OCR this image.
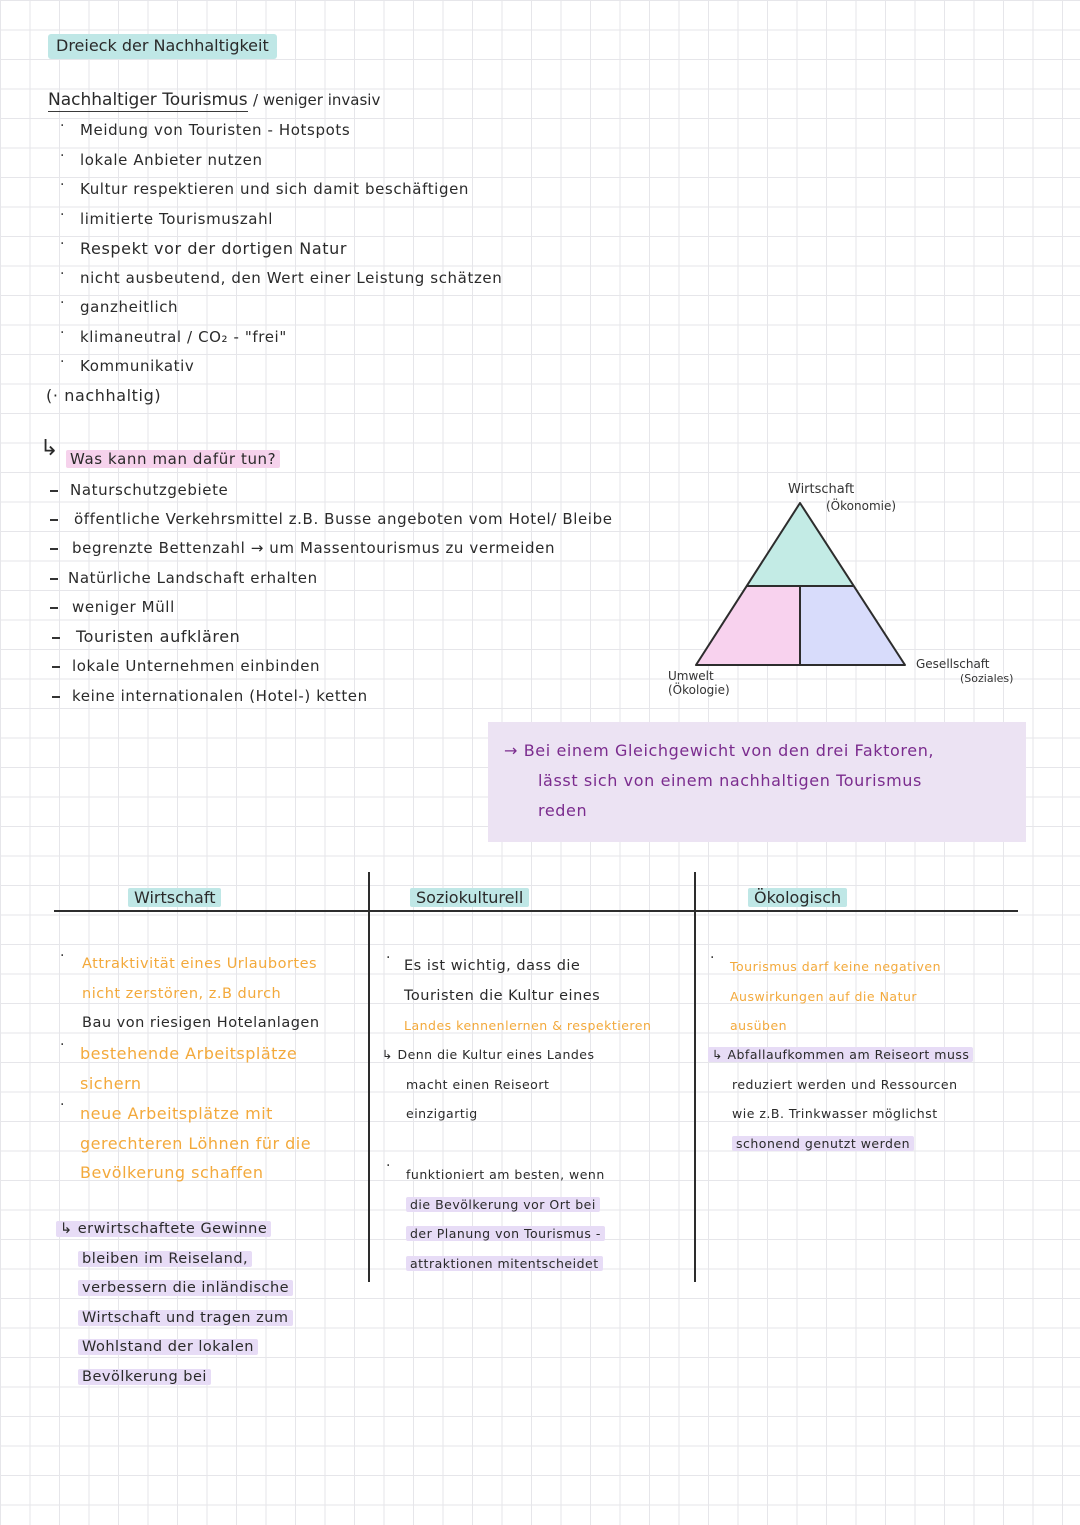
Dreieck der Nachhaltigkeit
Nachhaltiger Tourismus / weniger invasiv
· Meidung von Touristen - Hotspots
· lokale Anbieter nutzen
· Kultur respektieren und sich damit beschäftigen
· limitierte Tourismuszahl
· Respekt vor der dortigen Natur
· nicht ausbeutend, den Wert einer Leistung schätzen
· ganzheitlich
· klimaneutral / CO₂ - "frei"
· Kommunikativ
(· nachhaltig)
↳ Was kann man dafür tun?
Naturschutzgebiete
öffentliche Verkehrsmittel z.B. Busse angeboten vom Hotel/ Bleibe
begrenzte Bettenzahl → um Massentourismus zu vermeiden
Natürliche Landschaft erhalten
weniger Müll
Touristen aufklären
lokale Unternehmen einbinden
keine internationalen (Hotel-) ketten
Wirtschaft
(Ökonomie)
Umwelt
(Ökologie)
Gesellschaft
(Soziales)
→ Bei einem Gleichgewicht von den drei Faktoren,
lässt sich von einem nachhaltigen Tourismus
reden
Wirtschaft	Soziokulturell	Ökologisch
· Attraktivität eines Urlaubortes
nicht zerstören, z.B durch
Bau von riesigen Hotelanlagen
· bestehende Arbeitsplätze
sichern
· neue Arbeitsplätze mit
gerechteren Löhnen für die
Bevölkerung schaffen
↳ erwirtschaftete Gewinne
bleiben im Reiseland,
verbessern die inländische
Wirtschaft und tragen zum
Wohlstand der lokalen
Bevölkerung bei
· Es ist wichtig, dass die
Touristen die Kultur eines
Landes kennenlernen & respektieren
↳ Denn die Kultur eines Landes
macht einen Reiseort
einzigartig
·
funktioniert am besten, wenn
die Bevölkerung vor Ort bei
der Planung von Tourismus -
attraktionen mitentscheidet
·
Tourismus darf keine negativen
Auswirkungen auf die Natur
ausüben
↳ Abfallaufkommen am Reiseort muss
reduziert werden und Ressourcen
wie z.B. Trinkwasser möglichst
schonend genutzt werden
